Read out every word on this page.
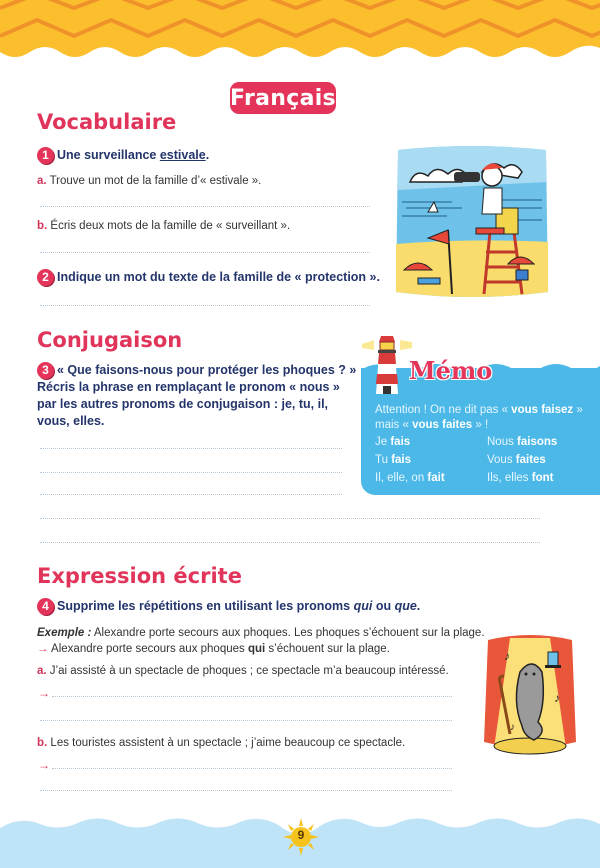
Français
Vocabulaire
1 Une surveillance estivale.
a. Trouve un mot de la famille d’« estivale ».
b. Écris deux mots de la famille de « surveillant ».
2 Indique un mot du texte de la famille de « protection ».
Conjugaison
3 « Que faisons-nous pour protéger les phoques ? »
Récris la phrase en remplaçant le pronom « nous »
par les autres pronoms de conjugaison : je, tu, il,
vous, elles.
Mémo
Attention ! On ne dit pas « vous faisez »
mais « vous faites » !
Je fais	Nous faisons
Tu fais	Vous faites
Il, elle, on fait	Ils, elles font
Expression écrite
4 Supprime les répétitions en utilisant les pronoms qui ou que.
Exemple : Alexandre porte secours aux phoques. Les phoques s’échouent sur la plage.
→ Alexandre porte secours aux phoques qui s’échouent sur la plage.
a. J’ai assisté à un spectacle de phoques ; ce spectacle m’a beaucoup intéressé.
→
b. Les touristes assistent à un spectacle ; j’aime beaucoup ce spectacle.
→
♪
♪
♪
9
